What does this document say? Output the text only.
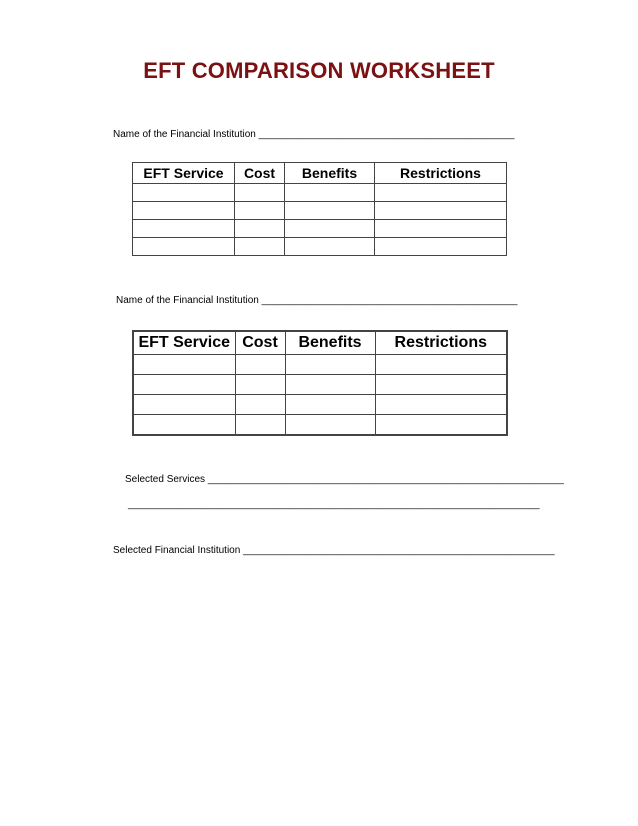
EFT COMPARISON WORKSHEET
Name of the Financial Institution ______________________________________________
EFT Service	Cost	Benefits	Restrictions

Name of the Financial Institution ______________________________________________
EFT Service	Cost	Benefits	Restrictions

Selected Services ________________________________________________________________
__________________________________________________________________________
Selected Financial Institution ________________________________________________________
